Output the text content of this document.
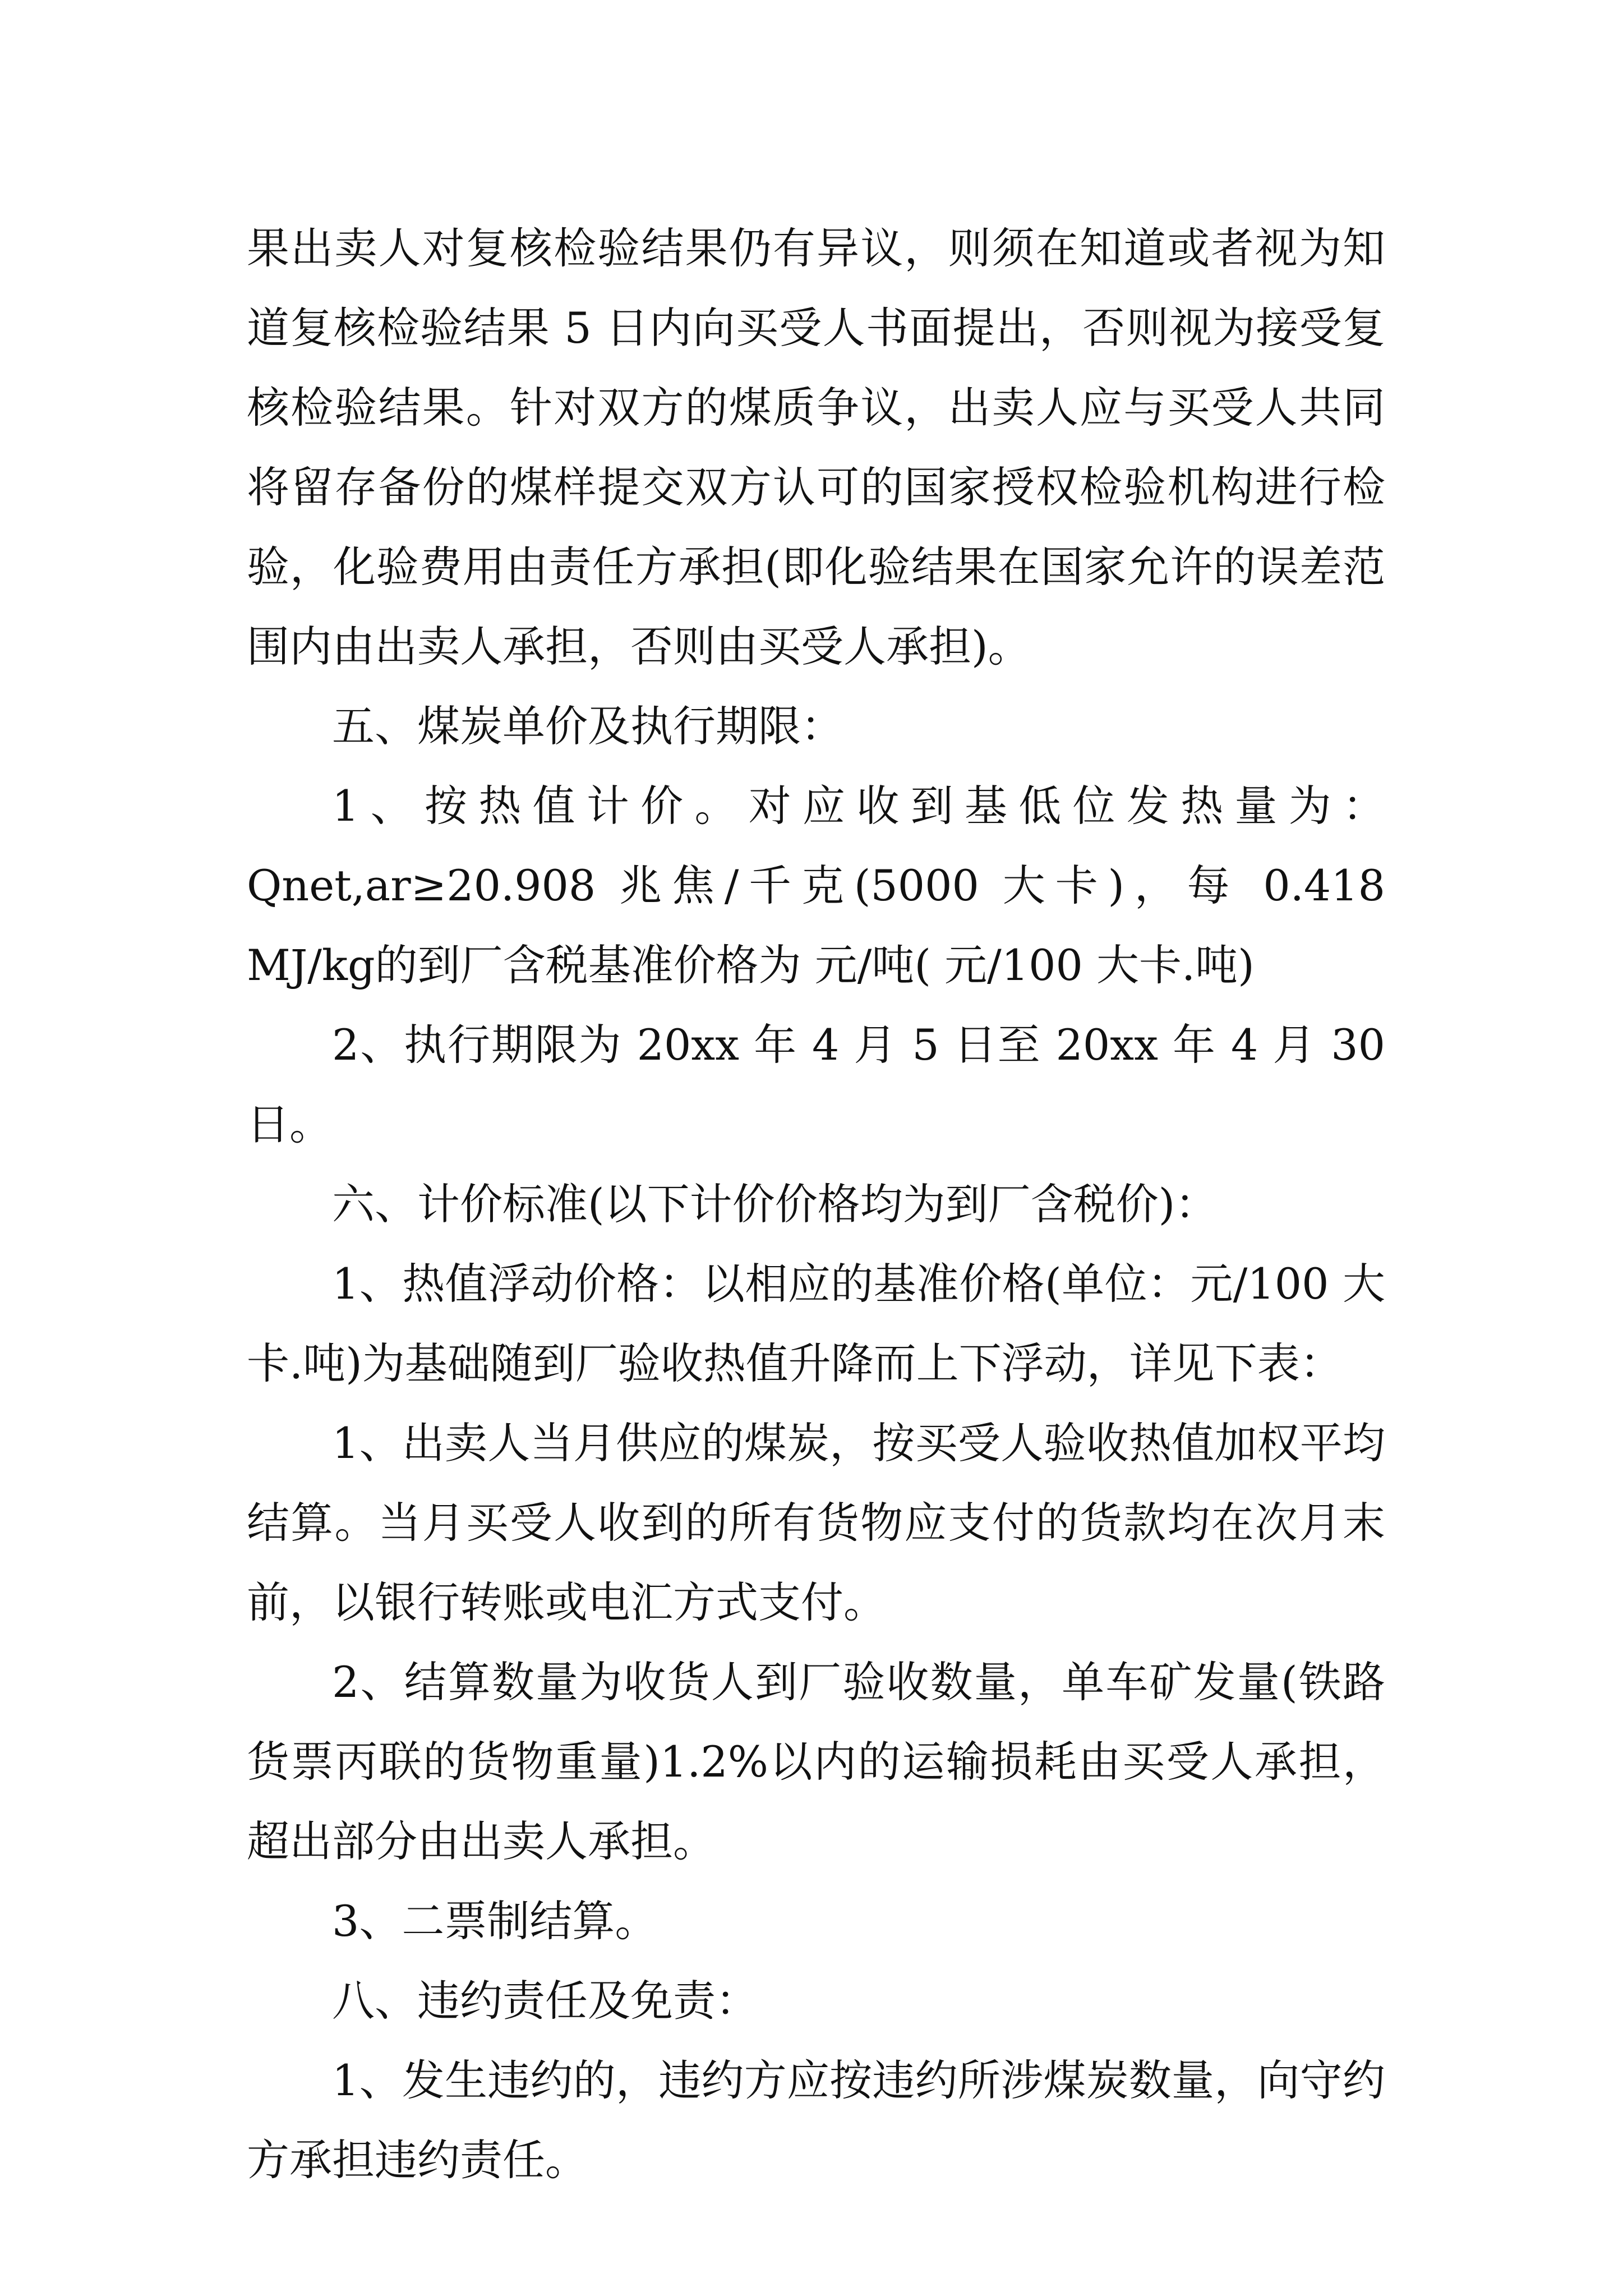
果出卖人对复核检验结果仍有异议，则须在知道或者视为知道复核检验结果 5 日内向买受人书面提出，否则视为接受复核检验结果。针对双方的煤质争议，出卖人应与买受人共同将留存备份的煤样提交双方认可的国家授权检验机构进行检验，化验费用由责任方承担(即化验结果在国家允许的误差范围内由出卖人承担，否则由买受人承担)。

五、煤炭单价及执行期限：

1、按热值计价。对应收到基低位发热量为：Qnet,ar≥20.908 兆焦/千克(5000 大卡)，每 0.418 MJ/kg的到厂含税基准价格为 元/吨( 元/100 大卡.吨)

2、执行期限为 20xx 年 4 月 5 日至 20xx 年 4 月 30 日。

六、计价标准(以下计价价格均为到厂含税价)：

1、热值浮动价格：以相应的基准价格(单位：元/100 大卡.吨)为基础随到厂验收热值升降而上下浮动，详见下表：

1、出卖人当月供应的煤炭，按买受人验收热值加权平均结算。当月买受人收到的所有货物应支付的货款均在次月末前，以银行转账或电汇方式支付。

2、结算数量为收货人到厂验收数量，单车矿发量(铁路货票丙联的货物重量)1.2%以内的运输损耗由买受人承担，超出部分由出卖人承担。

3、二票制结算。

八、违约责任及免责：

1、发生违约的，违约方应按违约所涉煤炭数量，向守约方承担违约责任。
